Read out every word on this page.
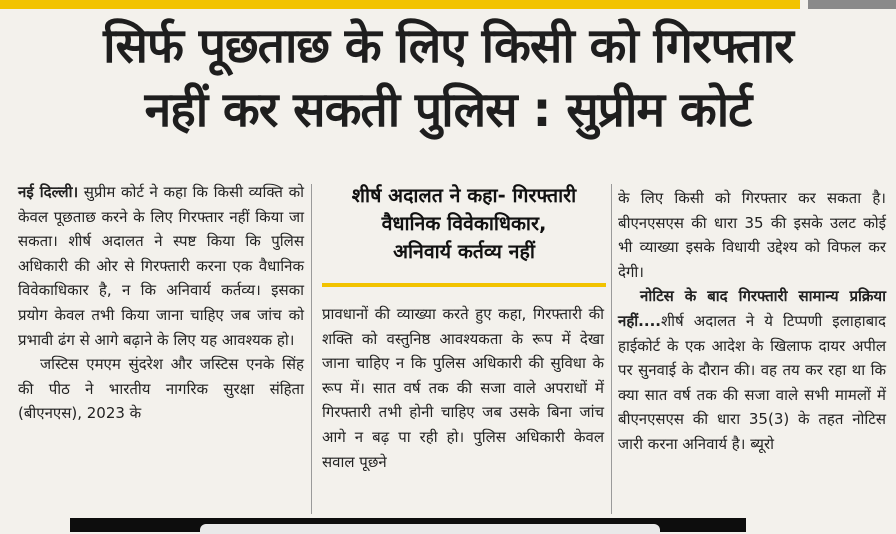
सिर्फ पूछताछ के लिए किसी को गिरफ्तार
नहीं कर सकती पुलिस : सुप्रीम कोर्ट

नई दिल्ली। सुप्रीम कोर्ट ने कहा कि किसी व्यक्ति को केवल पूछताछ करने के लिए गिरफ्तार नहीं किया जा सकता। शीर्ष अदालत ने स्पष्ट किया कि पुलिस अधिकारी की ओर से गिरफ्तारी करना एक वैधानिक विवेकाधिकार है, न कि अनिवार्य कर्तव्य। इसका प्रयोग केवल तभी किया जाना चाहिए जब जांच को प्रभावी ढंग से आगे बढ़ाने के लिए यह आवश्यक हो।

जस्टिस एमएम सुंदरेश और जस्टिस एनके सिंह की पीठ ने भारतीय नागरिक सुरक्षा संहिता (बीएनएस), 2023 के

शीर्ष अदालत ने कहा- गिरफ्तारी
वैधानिक विवेकाधिकार,
अनिवार्य कर्तव्य नहीं

प्रावधानों की व्याख्या करते हुए कहा, गिरफ्तारी की शक्ति को वस्तुनिष्ठ आवश्यकता के रूप में देखा जाना चाहिए न कि पुलिस अधिकारी की सुविधा के रूप में। सात वर्ष तक की सजा वाले अपराधों में गिरफ्तारी तभी होनी चाहिए जब उसके बिना जांच आगे न बढ़ पा रही हो। पुलिस अधिकारी केवल सवाल पूछने

के लिए किसी को गिरफ्तार कर सकता है। बीएनएसएस की धारा 35 की इसके उलट कोई भी व्याख्या इसके विधायी उद्देश्य को विफल कर देगी।

नोटिस के बाद गिरफ्तारी सामान्य प्रक्रिया नहीं....शीर्ष अदालत ने ये टिप्पणी इलाहाबाद हाईकोर्ट के एक आदेश के खिलाफ दायर अपील पर सुनवाई के दौरान की। वह तय कर रहा था कि क्या सात वर्ष तक की सजा वाले सभी मामलों में बीएनएसएस की धारा 35(3) के तहत नोटिस जारी करना अनिवार्य है। ब्यूरो
